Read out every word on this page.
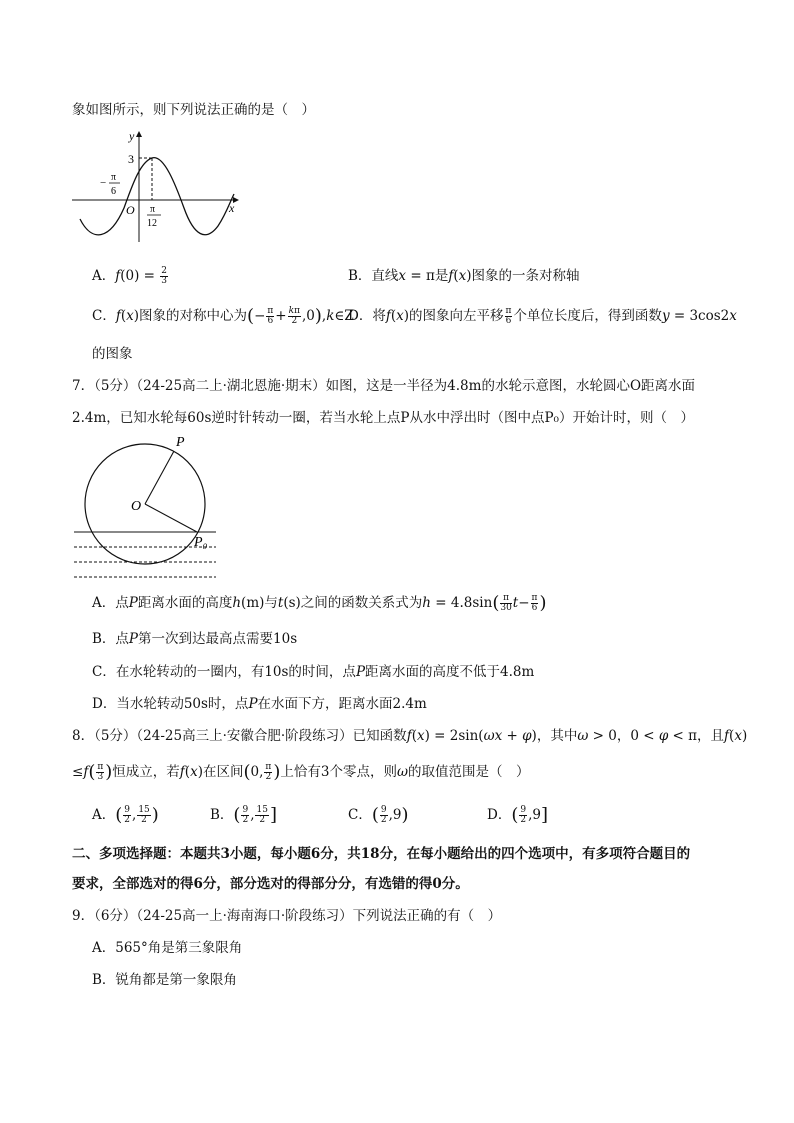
象如图所示，则下列说法正确的是（　）
y
x
3
O
− π
6
π
12
A．$f(0) = \frac{2}{3}$	B．直线x = π是f(x)图象的一条对称轴
C．f(x)图象的对称中心为(− $\frac{\pi}{6} + \frac{k\pi}{2}$ ,0),k∈Z
D．将f(x)的图象向左平移 $\frac{\pi}{6}$ 个单位长度后，得到函数y = 3cos2x
的图象
7．（5分）（24-25高二上·湖北恩施·期末）如图，这是一半径为4.8m的水轮示意图，水轮圆心O距离水面
2.4m，已知水轮每60s逆时针转动一圈，若当水轮上点P从水中浮出时（图中点P₀）开始计时，则（　）
P
O
P₀
A．点P距离水面的高度h(m)与t(s)之间的函数关系式为$h = 4.8\sin( \frac{\pi}{30} t- \frac{\pi}{6}$ )
B．点P第一次到达最高点需要10s
C．在水轮转动的一圈内，有10s的时间，点P距离水面的高度不低于4.8m
D．当水轮转动50s时，点P在水面下方，距离水面2.4m
8．（5分）（24-25高三上·安徽合肥·阶段练习）已知函数f(x) = 2sin(ωx + φ)，其中ω > 0，0 < φ < π，且f(x)
$\le f( \frac{\pi}{3}$ )恒成立，若f(x)在区间(0, $\frac{\pi}{2}$ )上恰有3个零点，则ω的取值范围是（　）
A．( $\frac{9}{2}$ , $\frac{15}{2}$ )	B．( $\frac{9}{2}$ , $\frac{15}{2}$ ]	C．( $\frac{9}{2} ,9$)	D．( $\frac{9}{2} ,9$]
二、多项选择题：本题共3小题，每小题6分，共18分，在每小题给出的四个选项中，有多项符合题目的
要求，全部选对的得6分，部分选对的得部分分，有选错的得0分。
9．（6分）（24-25高一上·海南海口·阶段练习）下列说法正确的有（　）
A．565°角是第三象限角
B．锐角都是第一象限角
